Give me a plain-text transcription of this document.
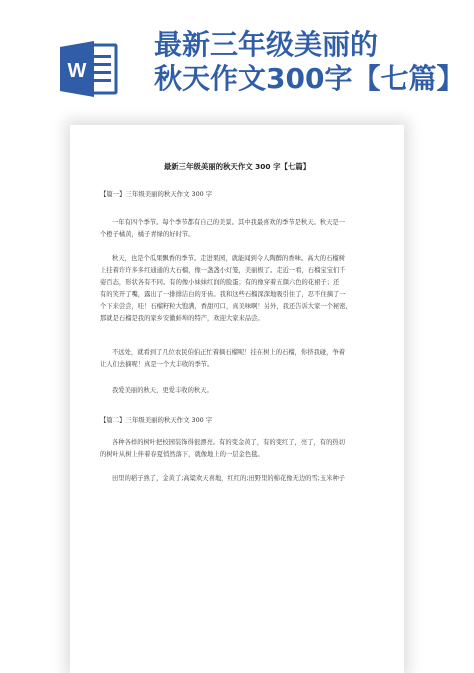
W
最新三年级美丽的
秋天作文300字【七篇】
最新三年级美丽的秋天作文 300 字【七篇】
【篇一】三年级美丽的秋天作文 300 字
一年有四个季节。每个季节都有自己的美景。其中我最喜欢的季节是秋天。秋天是一
个橙子橘黄，橘子青绿的好时节。
秋天，也是个瓜果飘香的季节。走进果园，就能闻到令人陶醉的香味。高大的石榴树
上挂着许许多多红通通的大石榴，像一盏盏小灯笼，美丽极了。走近一看，石榴宝宝们千
姿百态，形状各有不同。有的像小妹妹红润的脸蛋；有的像穿着五颜六色的花裙子；还
有的笑开了嘴，露出了一排排洁白的牙齿。我和这些石榴深深地吸引住了，忍不住摘了一
个下来尝尝，哇！石榴籽粒大饱满，香甜可口，真美味啊！另外，我还告诉大家一个秘密，
那就是石榴是我的家乡安徽蚌埠的特产，欢迎大家来品尝。
不远处，就看到了几位农民伯伯正忙着摘石榴呢！挂在树上的石榴，你挤我碰，争着
让人们去摘呢！真是一个大丰收的季节。
我爱美丽的秋天，更爱丰收的秋天。
【篇二】三年级美丽的秋天作文 300 字
各种各样的树叶把校园装饰得很漂亮。有的变金黄了，有的变红了，亮了，有的热切
的树叶从树上伴着春夏悄然落下，就像地上的一层金色毯。
田里的稻子熟了，金黄了;高粱欢天喜地，红红的;田野里的棉花像无边的雪;玉米种子
